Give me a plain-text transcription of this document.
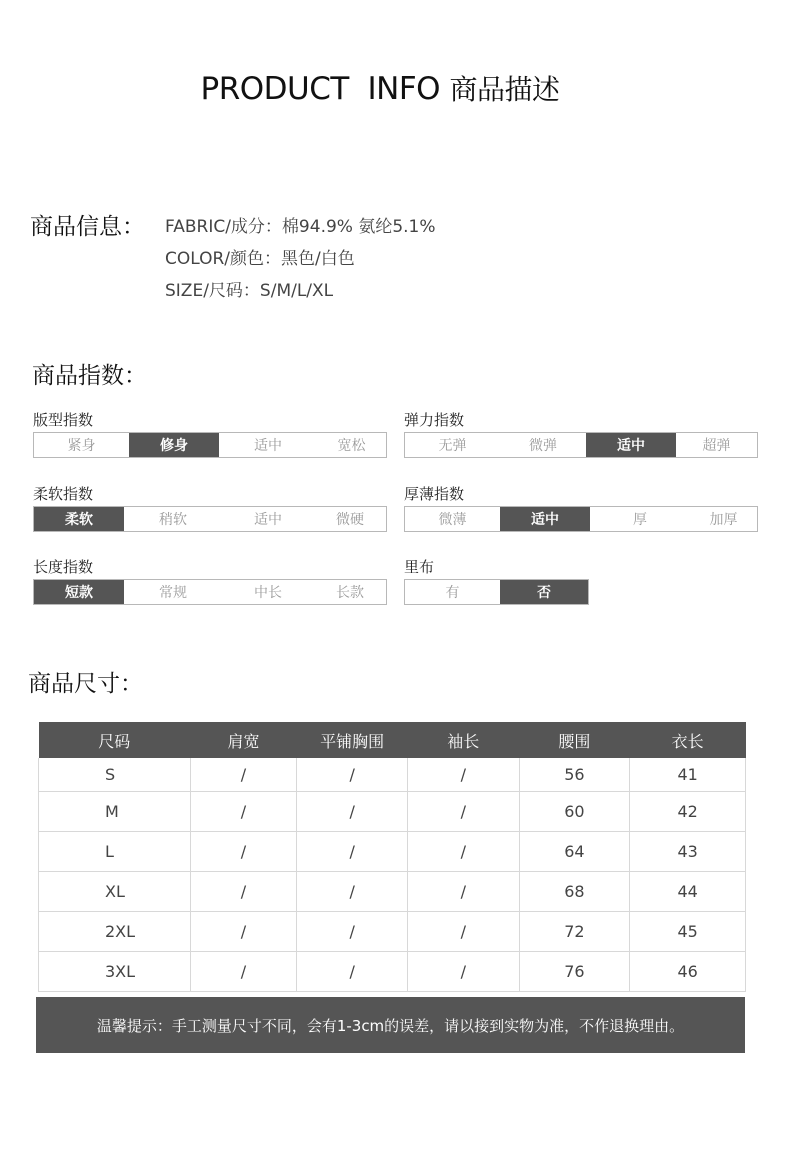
PRODUCT  INFO 商品描述
商品信息： FABRIC/成分：棉94.9% 氨纶5.1%
COLOR/颜色：黑色/白色
SIZE/尺码：S/M/L/XL
商品指数：
版型指数
紧身	修身	适中	宽松
弹力指数
无弹	微弹	适中	超弹
柔软指数
柔软	稍软	适中	微硬
厚薄指数
微薄	适中	厚	加厚
长度指数
短款	常规	中长	长款
里布
有	否
商品尺寸：
尺码	肩宽	平铺胸围	袖长	腰围	衣长
S	/	/	/	56	41
M	/	/	/	60	42
L	/	/	/	64	43
XL	/	/	/	68	44
2XL	/	/	/	72	45
3XL	/	/	/	76	46
温馨提示：手工测量尺寸不同，会有1-3cm的误差，请以接到实物为准，不作退换理由。
